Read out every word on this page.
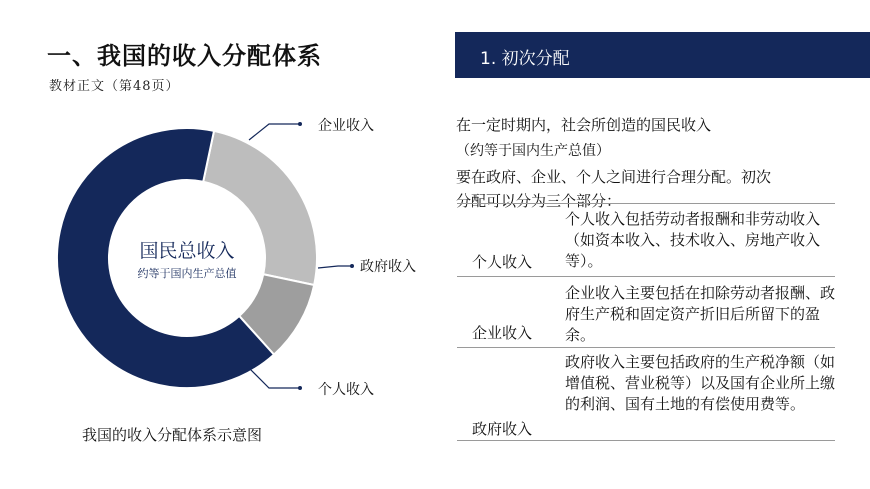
一、我国的收入分配体系
教材正文（第48页）
企业收入
政府收入
个人收入
国民总收入
约等于国内生产总值
我国的收入分配体系示意图
1. 初次分配
在一定时期内，社会所创造的国民收入
（约等于国内生产总值）
要在政府、企业、个人之间进行合理分配。初次
分配可以分为三个部分：
个人收入
个人收入包括劳动者报酬和非劳动收入（如资本收入、技术收入、房地产收入等）。
企业收入
企业收入主要包括在扣除劳动者报酬、政府生产税和固定资产折旧后所留下的盈余。
政府收入
政府收入主要包括政府的生产税净额（如增值税、营业税等）以及国有企业所上缴的利润、国有土地的有偿使用费等。
